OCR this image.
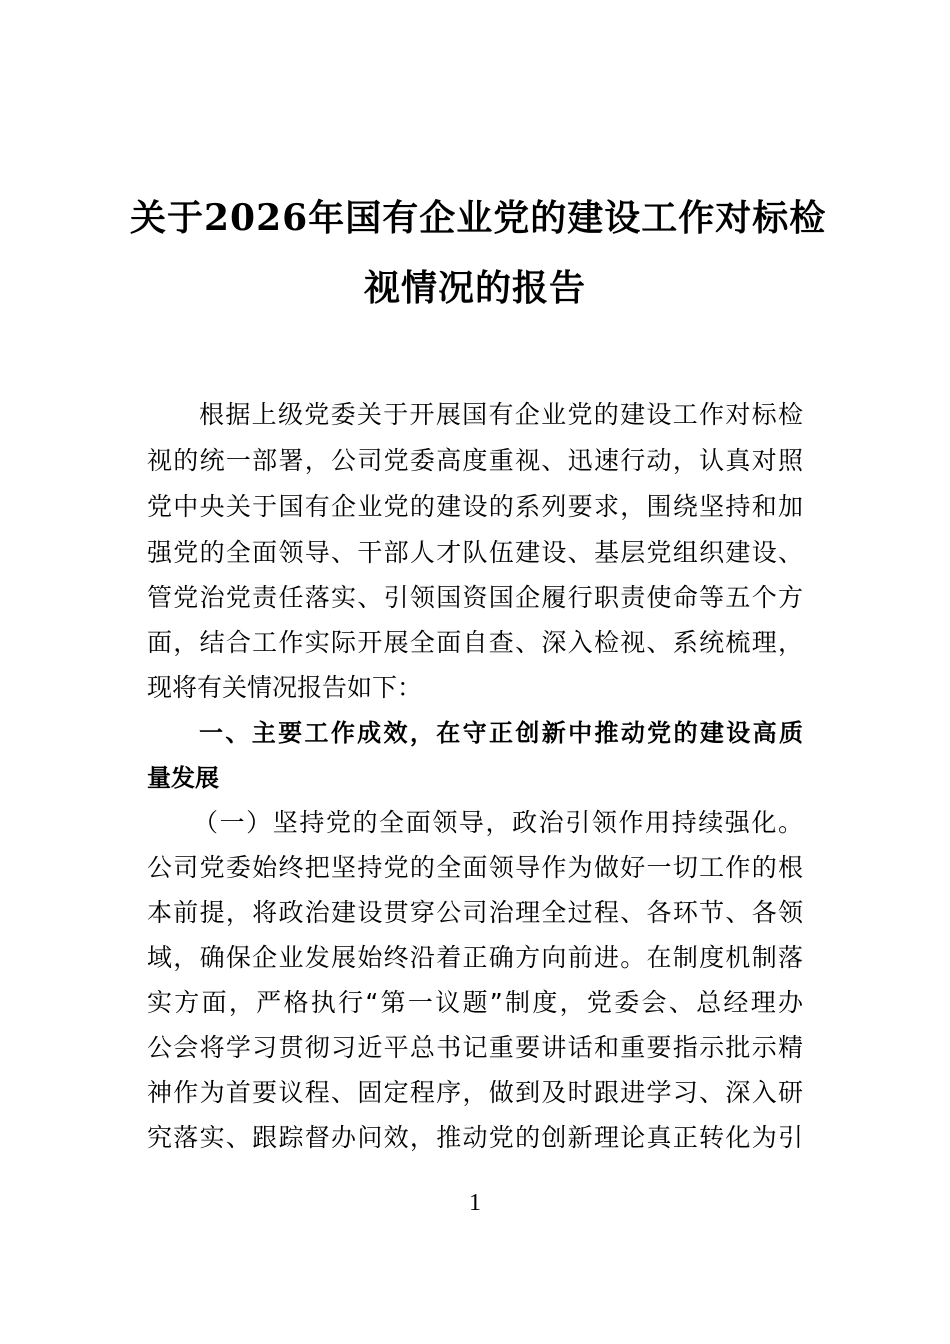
关于2026年国有企业党的建设工作对标检
视情况的报告
根据上级党委关于开展国有企业党的建设工作对标检
视的统一部署，公司党委高度重视、迅速行动，认真对照
党中央关于国有企业党的建设的系列要求，围绕坚持和加
强党的全面领导、干部人才队伍建设、基层党组织建设、
管党治党责任落实、引领国资国企履行职责使命等五个方
面，结合工作实际开展全面自查、深入检视、系统梳理，
现将有关情况报告如下：
一、主要工作成效，在守正创新中推动党的建设高质
量发展
（一）坚持党的全面领导，政治引领作用持续强化。
公司党委始终把坚持党的全面领导作为做好一切工作的根
本前提，将政治建设贯穿公司治理全过程、各环节、各领
域，确保企业发展始终沿着正确方向前进。在制度机制落
实方面，严格执行“第一议题”制度，党委会、总经理办
公会将学习贯彻习近平总书记重要讲话和重要指示批示精
神作为首要议程、固定程序，做到及时跟进学习、深入研
究落实、跟踪督办问效，推动党的创新理论真正转化为引
1
